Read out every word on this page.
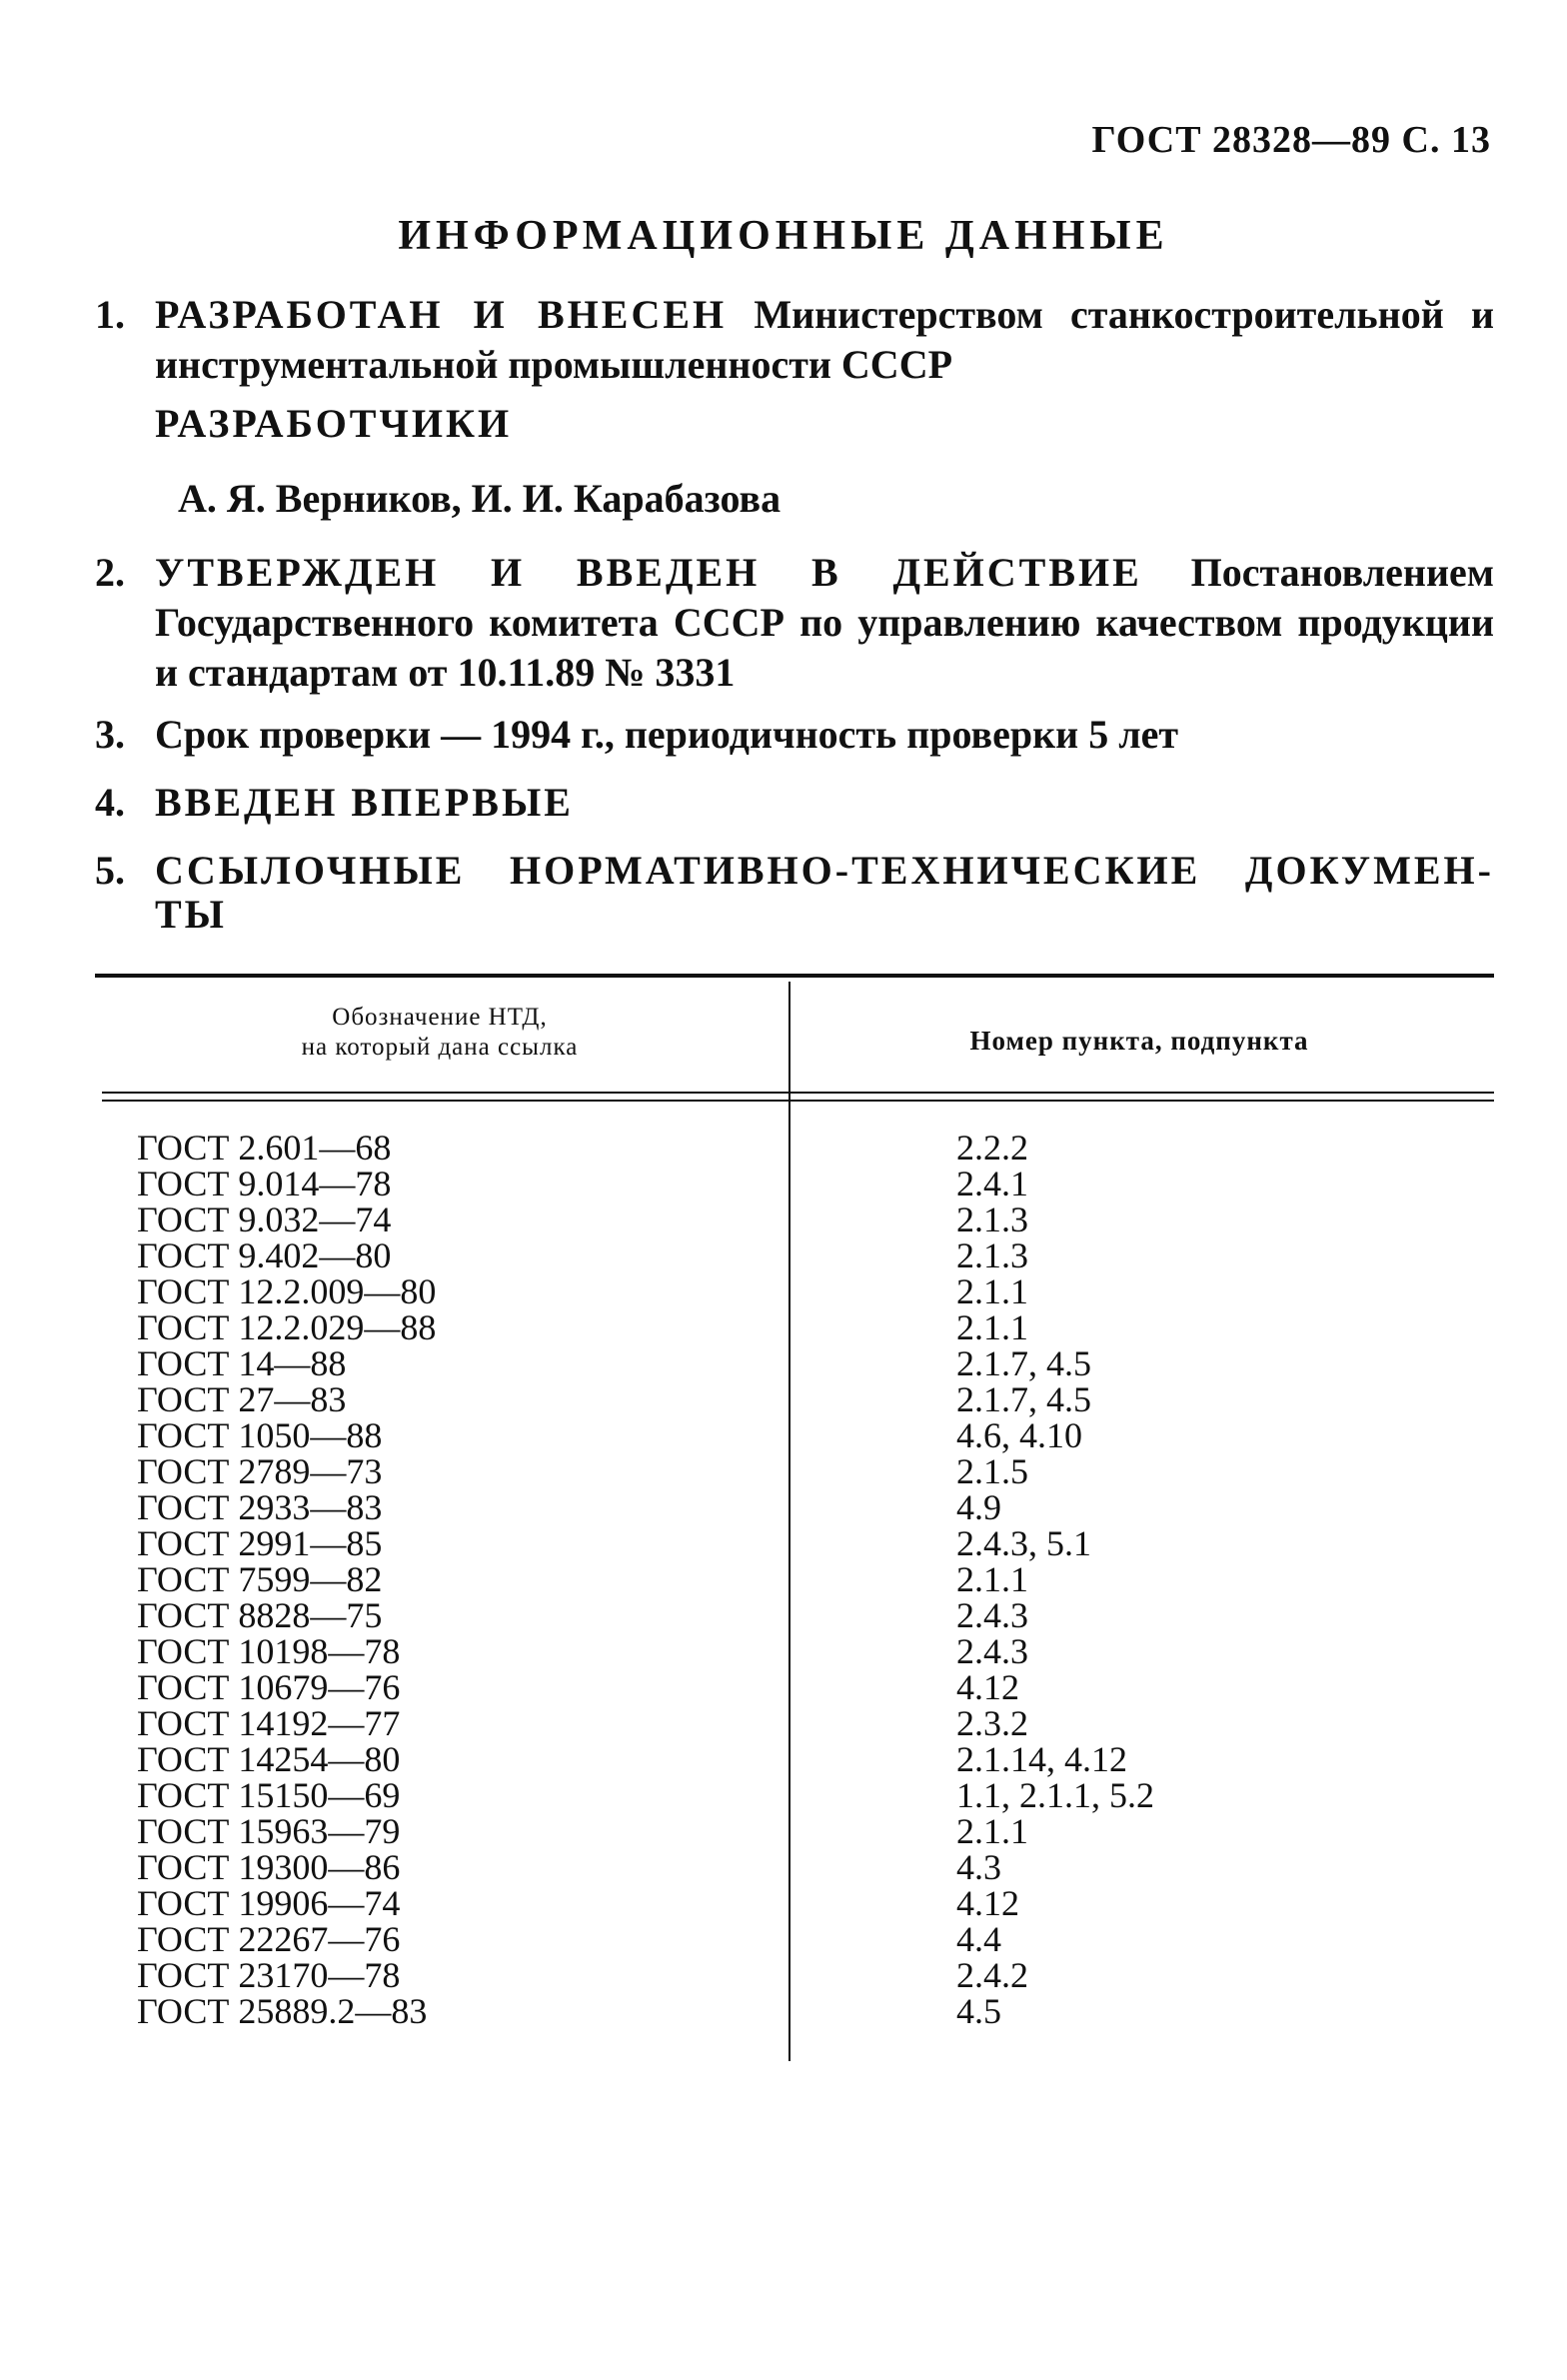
ГОСТ 28328—89 С. 13
ИНФОРМАЦИОННЫЕ ДАННЫЕ
1. РАЗРАБОТАН И ВНЕСЕН Министерством станкостроительной и инструментальной промышленности СССР
РАЗРАБОТЧИКИ
А. Я. Верников, И. И. Карабазова
2. УТВЕРЖДЕН И ВВЕДЕН В ДЕЙСТВИЕ Постановлением Государственного комитета СССР по управлению качеством продукции и стандартам от 10.11.89 № 3331
3. Срок проверки — 1994 г., периодичность проверки 5 лет
4. ВВЕДЕН ВПЕРВЫЕ
5. ССЫЛОЧНЫЕ НОРМАТИВНО-ТЕХНИЧЕСКИЕ ДОКУМЕН-
ТЫ
Обозначение НТД,
на который дана ссылка	Номер пункта, подпункта
ГОСТ 2.601—68
ГОСТ 9.014—78
ГОСТ 9.032—74
ГОСТ 9.402—80
ГОСТ 12.2.009—80
ГОСТ 12.2.029—88
ГОСТ 14—88
ГОСТ 27—83
ГОСТ 1050—88
ГОСТ 2789—73
ГОСТ 2933—83
ГОСТ 2991—85
ГОСТ 7599—82
ГОСТ 8828—75
ГОСТ 10198—78
ГОСТ 10679—76
ГОСТ 14192—77
ГОСТ 14254—80
ГОСТ 15150—69
ГОСТ 15963—79
ГОСТ 19300—86
ГОСТ 19906—74
ГОСТ 22267—76
ГОСТ 23170—78
ГОСТ 25889.2—83
2.2.2
2.4.1
2.1.3
2.1.3
2.1.1
2.1.1
2.1.7, 4.5
2.1.7, 4.5
4.6, 4.10
2.1.5
4.9
2.4.3, 5.1
2.1.1
2.4.3
2.4.3
4.12
2.3.2
2.1.14, 4.12
1.1, 2.1.1, 5.2
2.1.1
4.3
4.12
4.4
2.4.2
4.5
